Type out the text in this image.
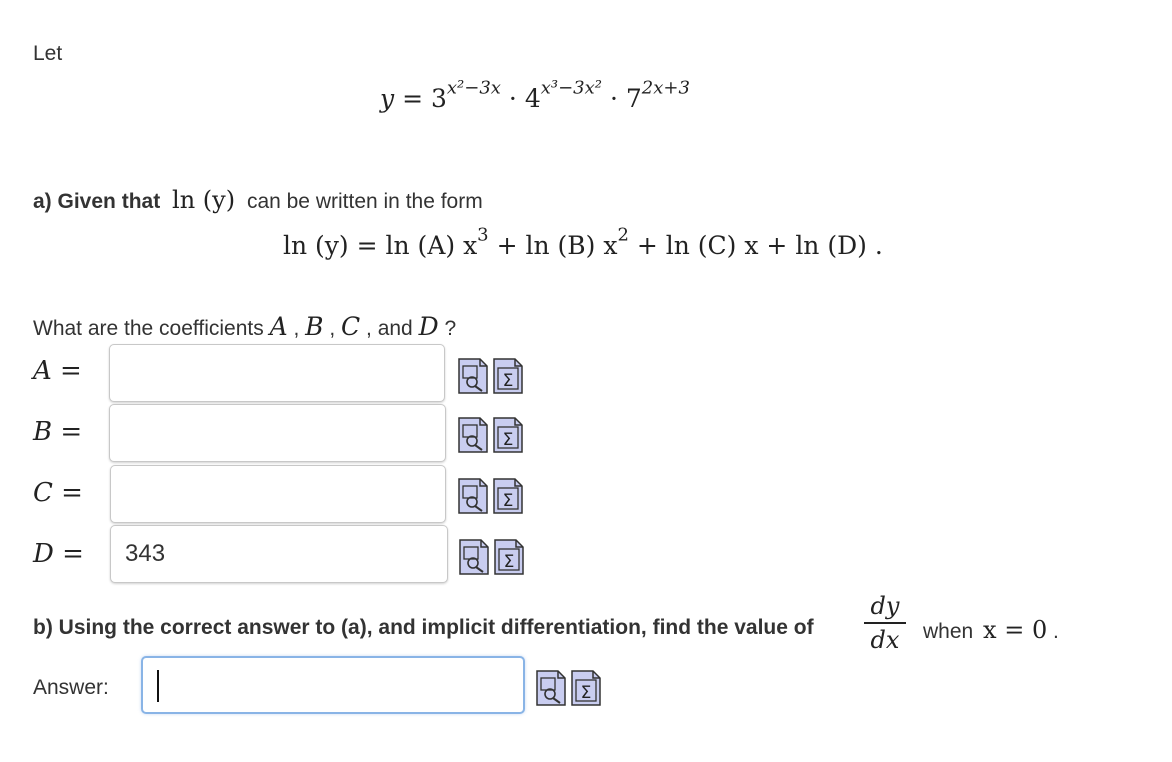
Let
$y = 3^{x^2-3x} \cdot 4^{x^3-3x^2} \cdot 7^{2x+3}$
a) Given that ln (y) can be written in the form
ln (y) = ln (A) $x^3 + \ln (B) x^2 + \ln (C) x + \ln (D)$ .
What are the coefficients A , B , C , and D ?
A =	Σ
B =	Σ
C =	Σ
D =	343	Σ
b) Using the correct answer to (a), and implicit differentiation, find the value of
dy
dx	when x = 0 .
Answer:	Σ
